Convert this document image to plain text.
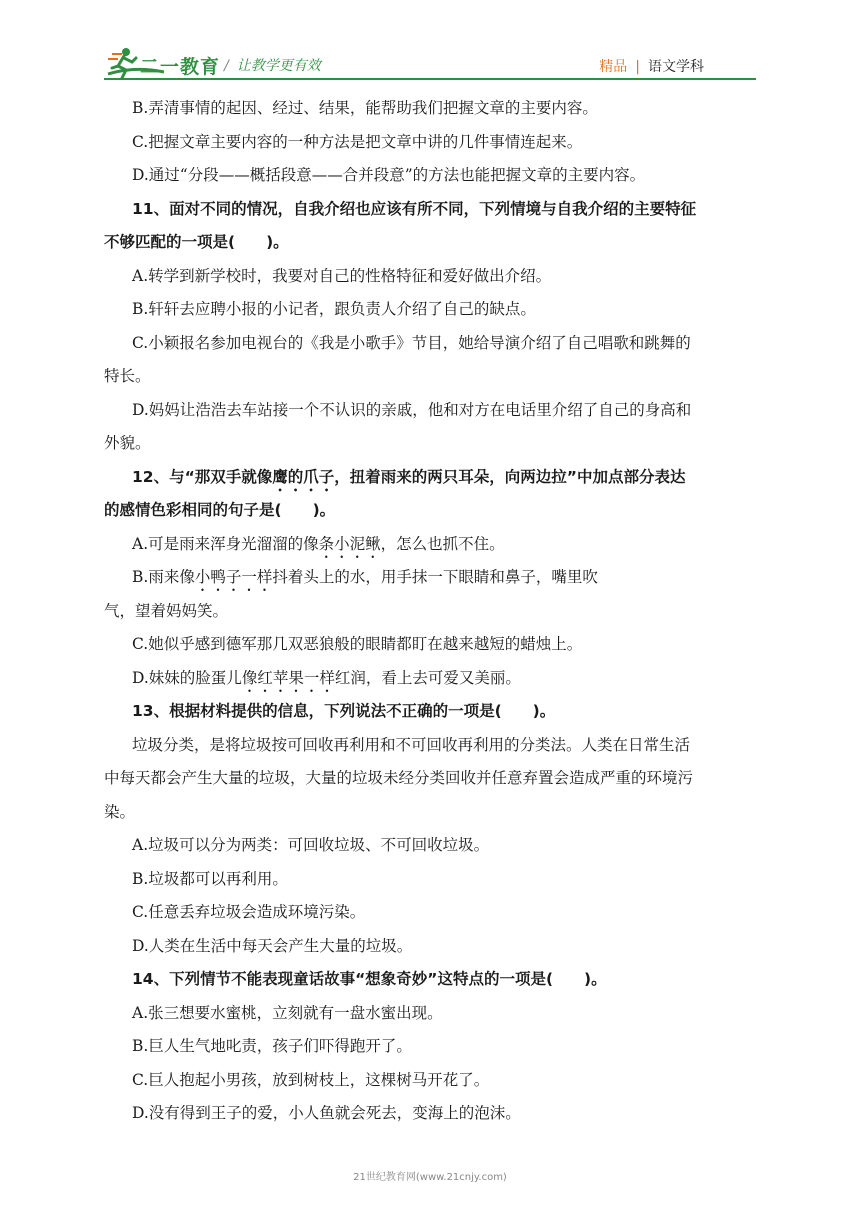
二一教育 / 让教学更有效	精品 | 语文学科
B.弄清事情的起因、经过、结果，能帮助我们把握文章的主要内容。
C.把握文章主要内容的一种方法是把文章中讲的几件事情连起来。
D.通过“分段——概括段意——合并段意”的方法也能把握文章的主要内容。
11、面对不同的情况，自我介绍也应该有所不同，下列情境与自我介绍的主要特征
不够匹配的一项是(　　)。
A.转学到新学校时，我要对自己的性格特征和爱好做出介绍。
B.轩轩去应聘小报的小记者，跟负责人介绍了自己的缺点。
C.小颖报名参加电视台的《我是小歌手》节目，她给导演介绍了自己唱歌和跳舞的
特长。
D.妈妈让浩浩去车站接一个不认识的亲戚，他和对方在电话里介绍了自己的身高和
外貌。
12、与“那双手就像鹰的爪子，扭着雨来的两只耳朵，向两边拉”中加点部分表达
的感情色彩相同的句子是(　　)。
A.可是雨来浑身光溜溜的像条小泥鳅，怎么也抓不住。
B.雨来像小鸭子一样抖着头上的水，用手抹一下眼睛和鼻子，嘴里吹
气，望着妈妈笑。
C.她似乎感到德军那几双恶狼般的眼睛都盯在越来越短的蜡烛上。
D.妹妹的脸蛋儿像红苹果一样红润，看上去可爱又美丽。
13、根据材料提供的信息，下列说法不正确的一项是(　　)。
垃圾分类，是将垃圾按可回收再利用和不可回收再利用的分类法。人类在日常生活
中每天都会产生大量的垃圾，大量的垃圾未经分类回收并任意弃置会造成严重的环境污
染。
A.垃圾可以分为两类：可回收垃圾、不可回收垃圾。
B.垃圾都可以再利用。
C.任意丢弃垃圾会造成环境污染。
D.人类在生活中每天会产生大量的垃圾。
14、下列情节不能表现童话故事“想象奇妙”这特点的一项是(　　)。
A.张三想要水蜜桃，立刻就有一盘水蜜出现。
B.巨人生气地叱责，孩子们吓得跑开了。
C.巨人抱起小男孩，放到树枝上，这棵树马开花了。
D.没有得到王子的爱，小人鱼就会死去，变海上的泡沫。
21世纪教育网(www.21cnjy.com)
